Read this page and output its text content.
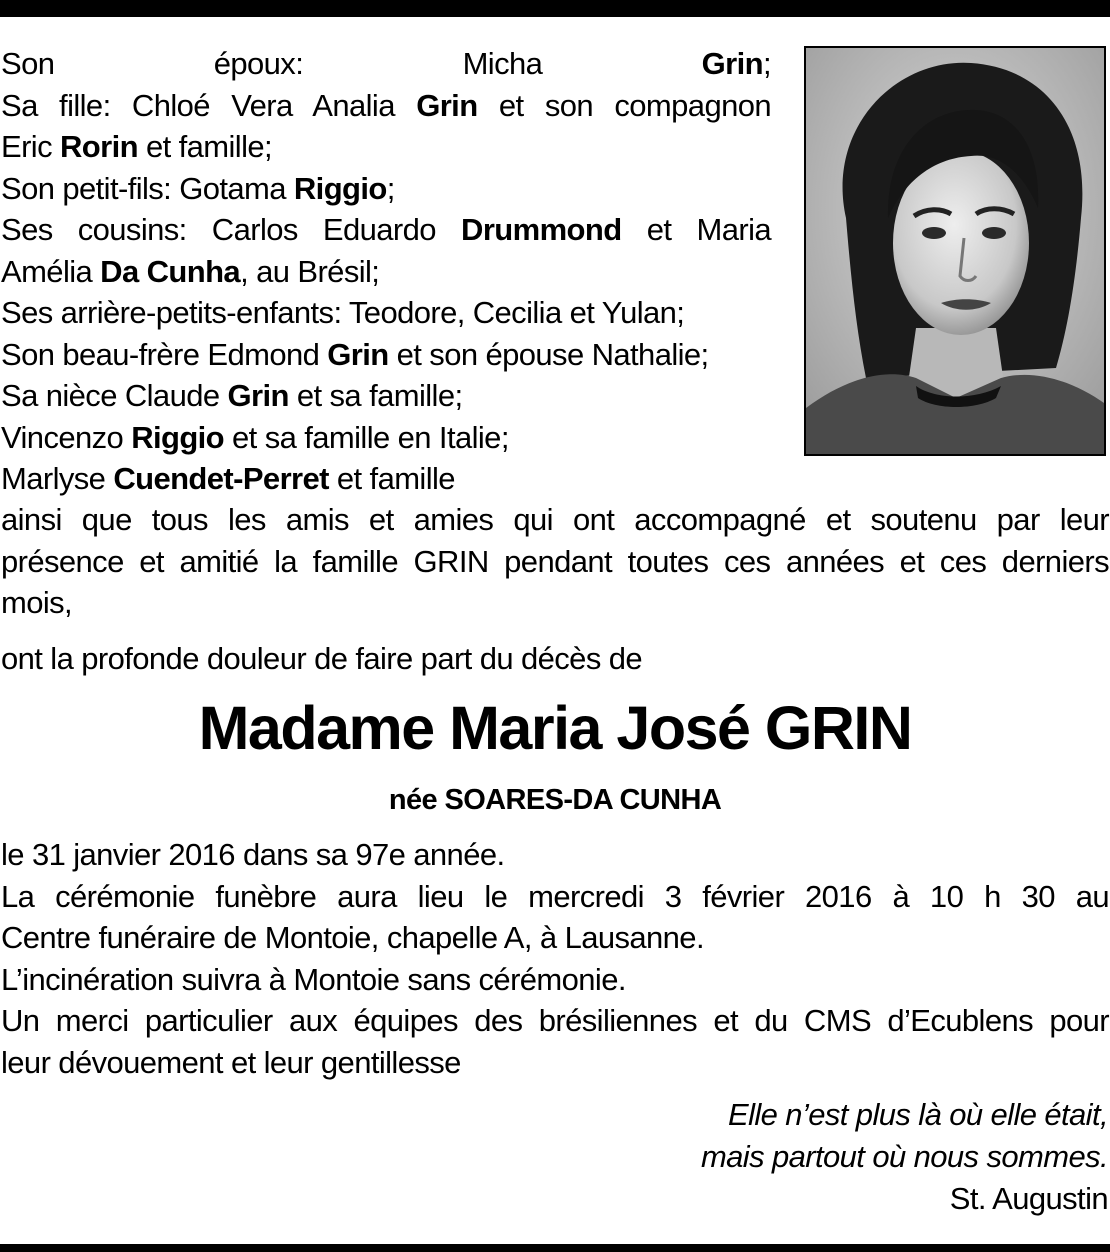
Son époux: Micha Grin;
Sa fille: Chloé Vera Analia Grin et son compagnon
Eric Rorin et famille;
Son petit-fils: Gotama Riggio;
Ses cousins: Carlos Eduardo Drummond et Maria
Amélia Da Cunha, au Brésil;
Ses arrière-petits-enfants: Teodore, Cecilia et Yulan;
Son beau-frère Edmond Grin et son épouse Nathalie;
Sa nièce Claude Grin et sa famille;
Vincenzo Riggio et sa famille en Italie;
Marlyse Cuendet-Perret et famille
ainsi que tous les amis et amies qui ont accompagné et soutenu par leur
présence et amitié la famille GRIN pendant toutes ces années et ces derniers
mois,
ont la profonde douleur de faire part du décès de
Madame Maria José GRIN
née SOARES-DA CUNHA
le 31 janvier 2016 dans sa 97e année.
La cérémonie funèbre aura lieu le mercredi 3 février 2016 à 10 h 30 au
Centre funéraire de Montoie, chapelle A, à Lausanne.
L’incinération suivra à Montoie sans cérémonie.
Un merci particulier aux équipes des brésiliennes et du CMS d’Ecublens pour
leur dévouement et leur gentillesse
Elle n’est plus là où elle était,
mais partout où nous sommes.
St. Augustin
